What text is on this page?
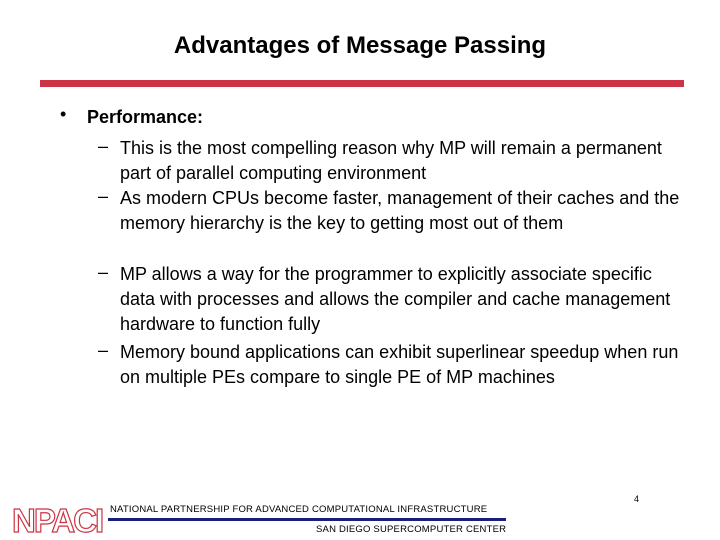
Advantages of Message Passing
• Performance:
– This is the most compelling reason why MP will remain a permanent part of parallel computing environment
– As modern CPUs become faster, management of their caches and the memory hierarchy is the key to getting most out of them
– MP allows a way for the programmer to explicitly associate specific data with processes and allows the compiler and cache management hardware to function fully
– Memory bound applications can exhibit superlinear speedup when run on multiple PEs compare to single PE of MP machines
NPACI NATIONAL PARTNERSHIP FOR ADVANCED COMPUTATIONAL INFRASTRUCTURE
SAN DIEGO SUPERCOMPUTER CENTER
4
